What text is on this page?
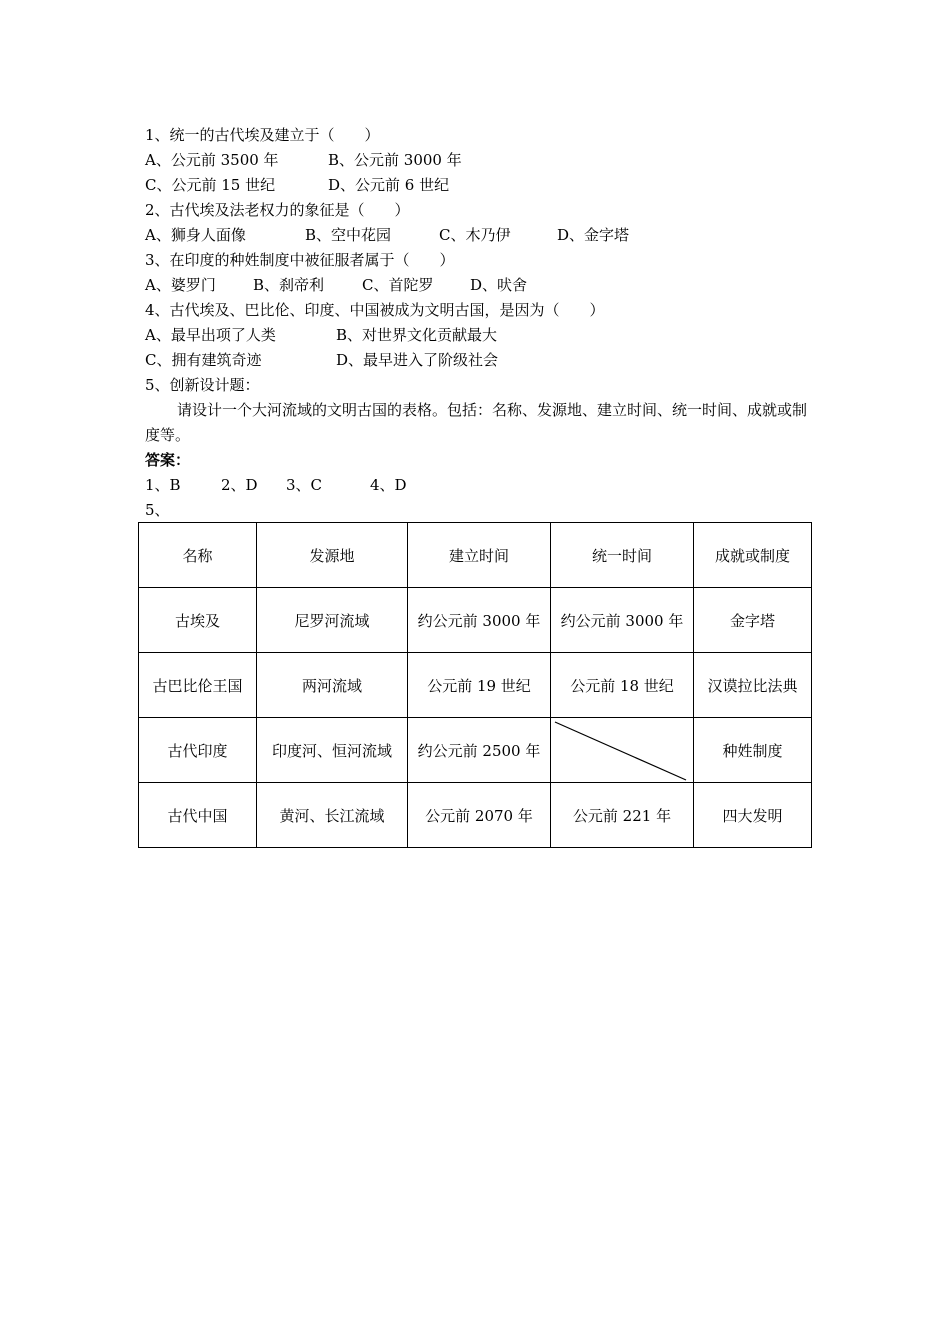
1、统一的古代埃及建立于（　　）
A、公元前 3500 年	B、公元前 3000 年
C、公元前 15 世纪	D、公元前 6 世纪
2、古代埃及法老权力的象征是（　　）
A、狮身人面像	B、空中花园	C、木乃伊	D、金字塔
3、在印度的种姓制度中被征服者属于（　　）
A、婆罗门 B、刹帝利	C、首陀罗 D、吠舍
4、古代埃及、巴比伦、印度、中国被成为文明古国，是因为（　　）
A、最早出项了人类	B、对世界文化贡献最大
C、拥有建筑奇迹	D、最早进入了阶级社会
5、创新设计题：
请设计一个大河流域的文明古国的表格。包括：名称、发源地、建立时间、统一时间、成就或制度等。
答案：
1、B	2、D 3、C	4、D
5、
名称	发源地	建立时间	统一时间	成就或制度
古埃及	尼罗河流域	约公元前 3000 年	约公元前 3000 年	金字塔
古巴比伦王国	两河流域	公元前 19 世纪	公元前 18 世纪	汉谟拉比法典
古代印度	印度河、恒河流域	约公元前 2500 年		种姓制度
古代中国	黄河、长江流域	公元前 2070 年	公元前 221 年	四大发明
